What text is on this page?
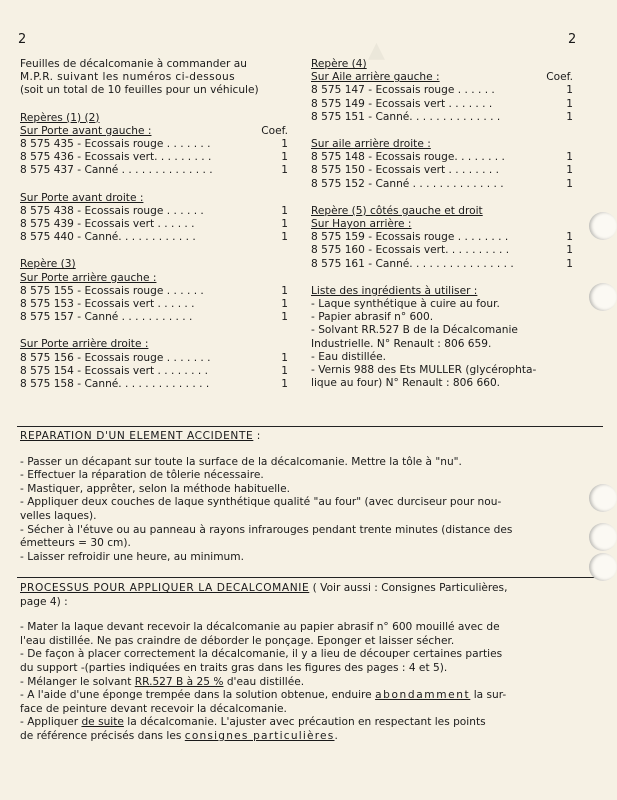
▲
2	2
Feuilles de décalcomanie à commander au
M.P.R. suivant les numéros ci-dessous
(soit un total de 10 feuilles pour un véhicule)
Repères (1) (2)
Sur Porte avant gauche :	Coef.
8 575 435 - Ecossais rouge . . . . . . .	1
8 575 436 - Ecossais vert. . . . . . . . .	1
8 575 437 - Canné . . . . . . . . . . . . . .	1
Sur Porte avant droite :
8 575 438 - Ecossais rouge . . . . . .	1
8 575 439 - Ecossais vert . . . . . .	1
8 575 440 - Canné. . . . . . . . . . . .	1
Repère (3)
Sur Porte arrière gauche :
8 575 155 - Ecossais rouge . . . . . .	1
8 575 153 - Ecossais vert . . . . . .	1
8 575 157 - Canné . . . . . . . . . . .	1
Sur Porte arrière droite :
8 575 156 - Ecossais rouge . . . . . . .	1
8 575 154 - Ecossais vert . . . . . . . .	1
8 575 158 - Canné. . . . . . . . . . . . . .	1
Repère (4)
Sur Aile arrière gauche :	Coef.
8 575 147 - Ecossais rouge . . . . . .	1
8 575 149 - Ecossais vert . . . . . . .	1
8 575 151 - Canné. . . . . . . . . . . . . .	1
Sur aile arrière droite :
8 575 148 - Ecossais rouge. . . . . . . .	1
8 575 150 - Ecossais vert . . . . . . . .	1
8 575 152 - Canné . . . . . . . . . . . . . .	1
Repère (5) côtés gauche et droit
Sur Hayon arrière :
8 575 159 - Ecossais rouge . . . . . . . .	1
8 575 160 - Ecossais vert. . . . . . . . . .	1
8 575 161 - Canné. . . . . . . . . . . . . . . .	1
Liste des ingrédients à utiliser :
- Laque synthétique à cuire au four.
- Papier abrasif n° 600.
- Solvant RR.527 B de la Décalcomanie
Industrielle. N° Renault : 806 659.
- Eau distillée.
- Vernis 988 des Ets MULLER (glycérophta-
lique au four) N° Renault : 806 660.
REPARATION D'UN ELEMENT ACCIDENTE :
- Passer un décapant sur toute la surface de la décalcomanie. Mettre la tôle à "nu".
- Effectuer la réparation de tôlerie nécessaire.
- Mastiquer, apprêter, selon la méthode habituelle.
- Appliquer deux couches de laque synthétique qualité "au four" (avec durciseur pour nou-
velles laques).
- Sécher à l'étuve ou au panneau à rayons infrarouges pendant trente minutes (distance des
émetteurs = 30 cm).
- Laisser refroidir une heure, au minimum.
PROCESSUS POUR APPLIQUER LA DECALCOMANIE ( Voir aussi : Consignes Particulières,
page 4) :
- Mater la laque devant recevoir la décalcomanie au papier abrasif n° 600 mouillé avec de
l'eau distillée. Ne pas craindre de déborder le ponçage. Eponger et laisser sécher.
- De façon à placer correctement la décalcomanie, il y a lieu de découper certaines parties
du support -(parties indiquées en traits gras dans les figures des pages : 4 et 5).
- Mélanger le solvant RR.527 B à 25 % d'eau distillée.
- A l'aide d'une éponge trempée dans la solution obtenue, enduire abondamment la sur-
face de peinture devant recevoir la décalcomanie.
- Appliquer de suite la décalcomanie. L'ajuster avec précaution en respectant les points
de référence précisés dans les consignes particulières.
